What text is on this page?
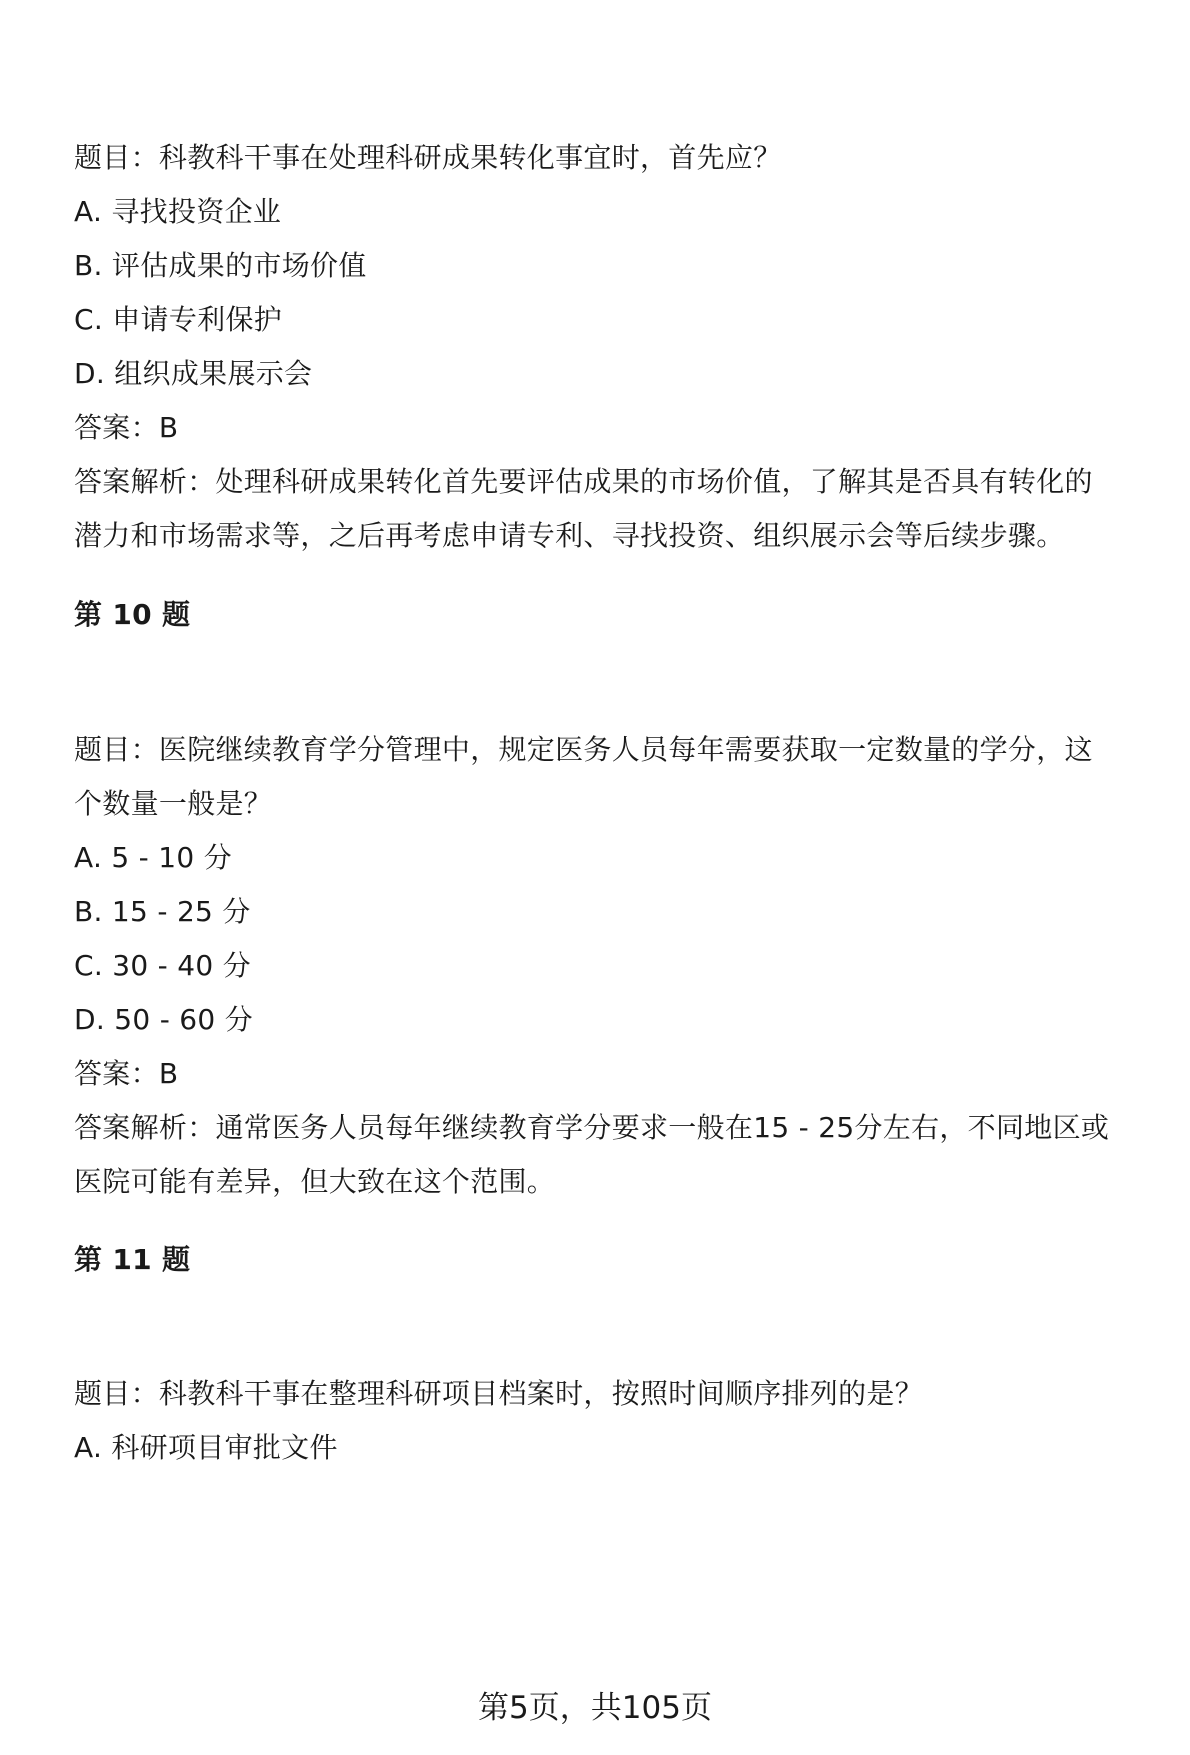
题目：科教科干事在处理科研成果转化事宜时，首先应？
A. 寻找投资企业
B. 评估成果的市场价值
C. 申请专利保护
D. 组织成果展示会
答案：B
答案解析：处理科研成果转化首先要评估成果的市场价值，了解其是否具有转化的
潜力和市场需求等，之后再考虑申请专利、寻找投资、组织展示会等后续步骤。
第 10 题
题目：医院继续教育学分管理中，规定医务人员每年需要获取一定数量的学分，这
个数量一般是？
A. 5 - 10 分
B. 15 - 25 分
C. 30 - 40 分
D. 50 - 60 分
答案：B
答案解析：通常医务人员每年继续教育学分要求一般在15 - 25分左右，不同地区或
医院可能有差异，但大致在这个范围。
第 11 题
题目：科教科干事在整理科研项目档案时，按照时间顺序排列的是？
A. 科研项目审批文件
第5页，共105页
